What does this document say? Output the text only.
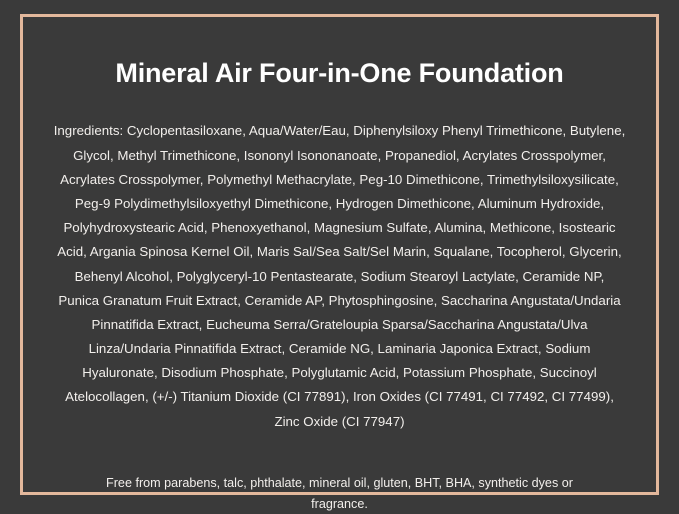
Mineral Air Four-in-One Foundation

Ingredients: Cyclopentasiloxane, Aqua/Water/Eau, Diphenylsiloxy Phenyl Trimethicone, Butylene, Glycol, Methyl Trimethicone, Isononyl Isononanoate, Propanediol, Acrylates Crosspolymer, Acrylates Crosspolymer, Polymethyl Methacrylate, Peg-10 Dimethicone, Trimethylsiloxysilicate, Peg-9 Polydimethylsiloxyethyl Dimethicone, Hydrogen Dimethicone, Aluminum Hydroxide, Polyhydroxystearic Acid, Phenoxyethanol, Magnesium Sulfate, Alumina, Methicone, Isostearic Acid, Argania Spinosa Kernel Oil, Maris Sal/Sea Salt/Sel Marin, Squalane, Tocopherol, Glycerin, Behenyl Alcohol, Polyglyceryl-10 Pentastearate, Sodium Stearoyl Lactylate, Ceramide NP, Punica Granatum Fruit Extract, Ceramide AP, Phytosphingosine, Saccharina Angustata/Undaria Pinnatifida Extract, Eucheuma Serra/Grateloupia Sparsa/Saccharina Angustata/Ulva Linza/Undaria Pinnatifida Extract, Ceramide NG, Laminaria Japonica Extract, Sodium Hyaluronate, Disodium Phosphate, Polyglutamic Acid, Potassium Phosphate, Succinoyl Atelocollagen, (+/-) Titanium Dioxide (CI 77891), Iron Oxides (CI 77491, CI 77492, CI 77499), Zinc Oxide (CI 77947)

Free from parabens, talc, phthalate, mineral oil, gluten, BHT, BHA, synthetic dyes or fragrance.
